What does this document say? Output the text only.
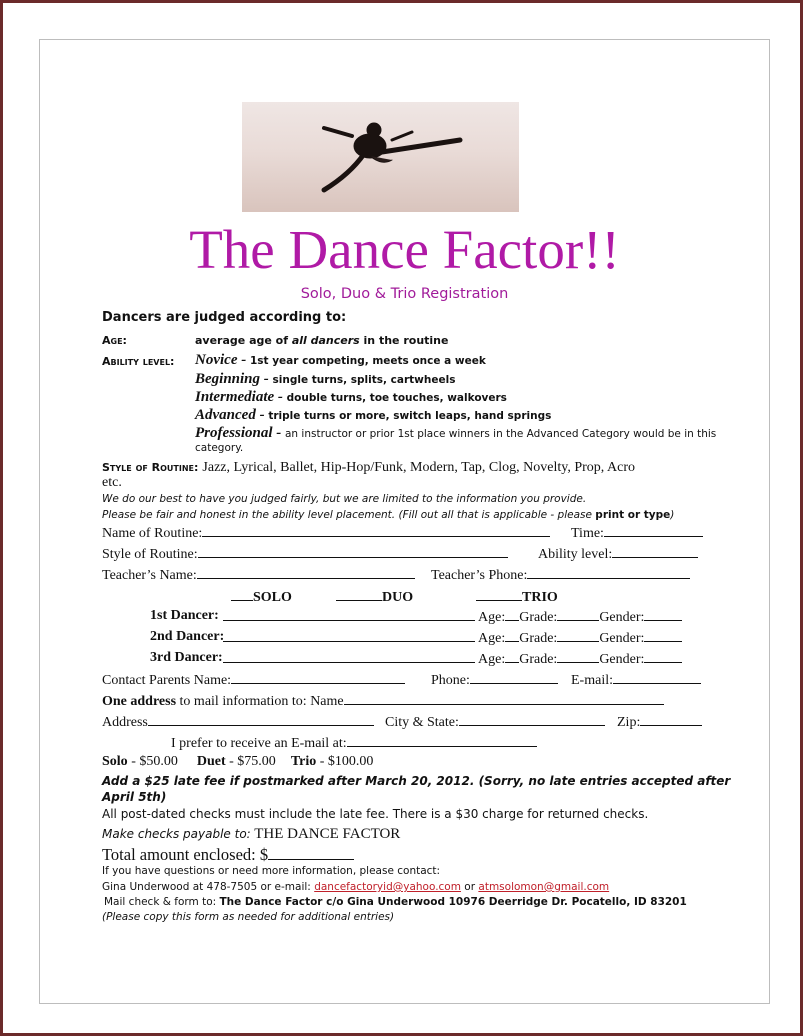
The Dance Factor!!
Solo, Duo & Trio Registration
Dancers are judged according to:
Age:	average age of all dancers in the routine
Ability level: Novice - 1st year competing, meets once a week
Beginning - single turns, splits, cartwheels
Intermediate - double turns, toe touches, walkovers
Advanced - triple turns or more, switch leaps, hand springs
Professional - an instructor or prior 1st place winners in the Advanced Category would be in this
category.
Style of Routine: Jazz, Lyrical, Ballet, Hip-Hop/Funk, Modern, Tap, Clog, Novelty, Prop, Acro
etc.
We do our best to have you judged fairly, but we are limited to the information you provide.
Please be fair and honest in the ability level placement. (Fill out all that is applicable - please print or type)
Name of Routine:	Time:
Style of Routine:	Ability level:
Teacher’s Name:	Teacher’s Phone:
SOLO	DUO	TRIO
1st Dancer:	Age: Grade:	Gender:
2nd Dancer:	Age: Grade:	Gender:
3rd Dancer:	Age: Grade:	Gender:
Contact Parents Name:	Phone:	E-mail:
One address to mail information to: Name
Address	City & State:	Zip:
I prefer to receive an E-mail at:
Solo - $50.00 Duet - $75.00 Trio - $100.00
Add a $25 late fee if postmarked after March 20, 2012. (Sorry, no late entries accepted after
April 5th)
All post-dated checks must include the late fee. There is a $30 charge for returned checks.
Make checks payable to: THE DANCE FACTOR
Total amount enclosed: $
If you have questions or need more information, please contact:
Gina Underwood at 478-7505 or e-mail: dancefactoryid@yahoo.com or atmsolomon@gmail.com
Mail check & form to: The Dance Factor c/o Gina Underwood 10976 Deerridge Dr. Pocatello, ID 83201
(Please copy this form as needed for additional entries)
